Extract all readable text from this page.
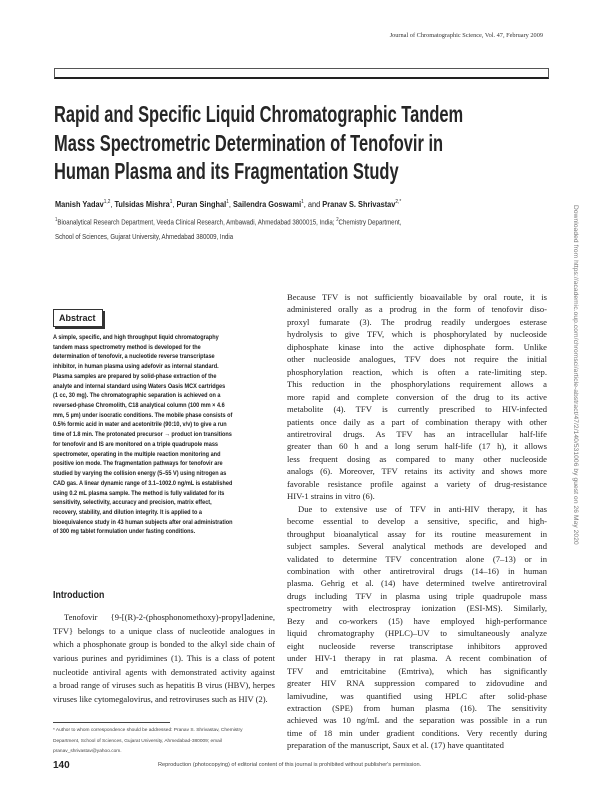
Journal of Chromatographic Science, Vol. 47, February 2009
Rapid and Specific Liquid Chromatographic Tandem
Mass Spectrometric Determination of Tenofovir in
Human Plasma and its Fragmentation Study
Manish Yadav$^{1,2}$, Tulsidas Mishra$^1$, Puran Singhal$^1$, Sailendra Goswami$^1$, and Pranav S. Shrivastav$^{2,*}$
$^1$Bioanalytical Research Department, Veeda Clinical Research, Ambawadi, Ahmedabad 3800015, India; $^2$Chemistry Department,
School of Sciences, Gujarat University, Ahmedabad 380009, India
Abstract
A simple, specific, and high throughput liquid chromatography
tandem mass spectrometry method is developed for the
determination of tenofovir, a nucleotide reverse transcriptase
inhibitor, in human plasma using adefovir as internal standard.
Plasma samples are prepared by solid-phase extraction of the
analyte and internal standard using Waters Oasis MCX cartridges
(1 cc, 30 mg). The chromatographic separation is achieved on a
reversed-phase Chromolith, C18 analytical column (100 mm × 4.6
mm, 5 µm) under isocratic conditions. The mobile phase consists of
0.5% formic acid in water and acetonitrile (90:10, v/v) to give a run
time of 1.8 min. The protonated precursor → product ion transitions
for tenofovir and IS are monitored on a triple quadrupole mass
spectrometer, operating in the multiple reaction monitoring and
positive ion mode. The fragmentation pathways for tenofovir are
studied by varying the collision energy (5–55 V) using nitrogen as
CAD gas. A linear dynamic range of 3.1–1002.0 ng/mL is established
using 0.2 mL plasma sample. The method is fully validated for its
sensitivity, selectivity, accuracy and precision, matrix effect,
recovery, stability, and dilution integrity. It is applied to a
bioequivalence study in 43 human subjects after oral administration
of 300 mg tablet formulation under fasting conditions.
Introduction
Tenofovir {9-[(R)-2-(phosphonomethoxy)-propyl]adenine,
TFV} belongs to a unique class of nucleotide analogues in
which a phosphonate group is bonded to the alkyl side chain of
various purines and pyridimines (1). This is a class of potent
nucleotide antiviral agents with demonstrated activity against
a broad range of viruses such as hepatitis B virus (HBV), herpes
viruses like cytomegalovirus, and retroviruses such as HIV (2).
Because TFV is not sufficiently bioavailable by oral route, it is
administered orally as a prodrug in the form of tenofovir diso-
proxyl fumarate (3). The prodrug readily undergoes esterase
hydrolysis to give TFV, which is phosphorylated by nucleoside
diphosphate kinase into the active diphosphate form. Unlike
other nucleoside analogues, TFV does not require the initial
phosphorylation reaction, which is often a rate-limiting step.
This reduction in the phosphorylations requirement allows a
more rapid and complete conversion of the drug to its active
metabolite (4). TFV is currently prescribed to HIV-infected
patients once daily as a part of combination therapy with other
antiretroviral drugs. As TFV has an intracellular half-life
greater than 60 h and a long serum half-life (17 h), it allows
less frequent dosing as compared to many other nucleoside
analogs (6). Moreover, TFV retains its activity and shows more
favorable resistance profile against a variety of drug-resistance
HIV-1 strains in vitro (6).
Due to extensive use of TFV in anti-HIV therapy, it has
become essential to develop a sensitive, specific, and high-
throughput bioanalytical assay for its routine measurement in
subject samples. Several analytical methods are developed and
validated to determine TFV concentration alone (7–13) or in
combination with other antiretroviral drugs (14–16) in human
plasma. Gehrig et al. (14) have determined twelve antiretroviral
drugs including TFV in plasma using triple quadrupole mass
spectrometry with electrospray ionization (ESI-MS). Similarly,
Bezy and co-workers (15) have employed high-performance
liquid chromatography (HPLC)–UV to simultaneously analyze
eight nucleoside reverse transcriptase inhibitors approved
under HIV-1 therapy in rat plasma. A recent combination of
TFV and emtricitabine (Emtriva), which has significantly
greater HIV RNA suppression compared to zidovudine and
lamivudine, was quantified using HPLC after solid-phase
extraction (SPE) from human plasma (16). The sensitivity
achieved was 10 ng/mL and the separation was possible in a run
time of 18 min under gradient conditions. Very recently during
preparation of the manuscript, Saux et al. (17) have quantitated
* Author to whom correspondence should be addressed: Pranav S. Shrivastav, Chemistry
Department, School of Sciences, Gujarat University, Ahmedabad-380009; email
pranav_shrivastav@yahoo.com.
140	Reproduction (photocopying) of editorial content of this journal is prohibited without publisher's permission.
Downloaded from https://academic.oup.com/chromsci/article-abstract/47/2/140/531006 by guest on 26 May 2020
